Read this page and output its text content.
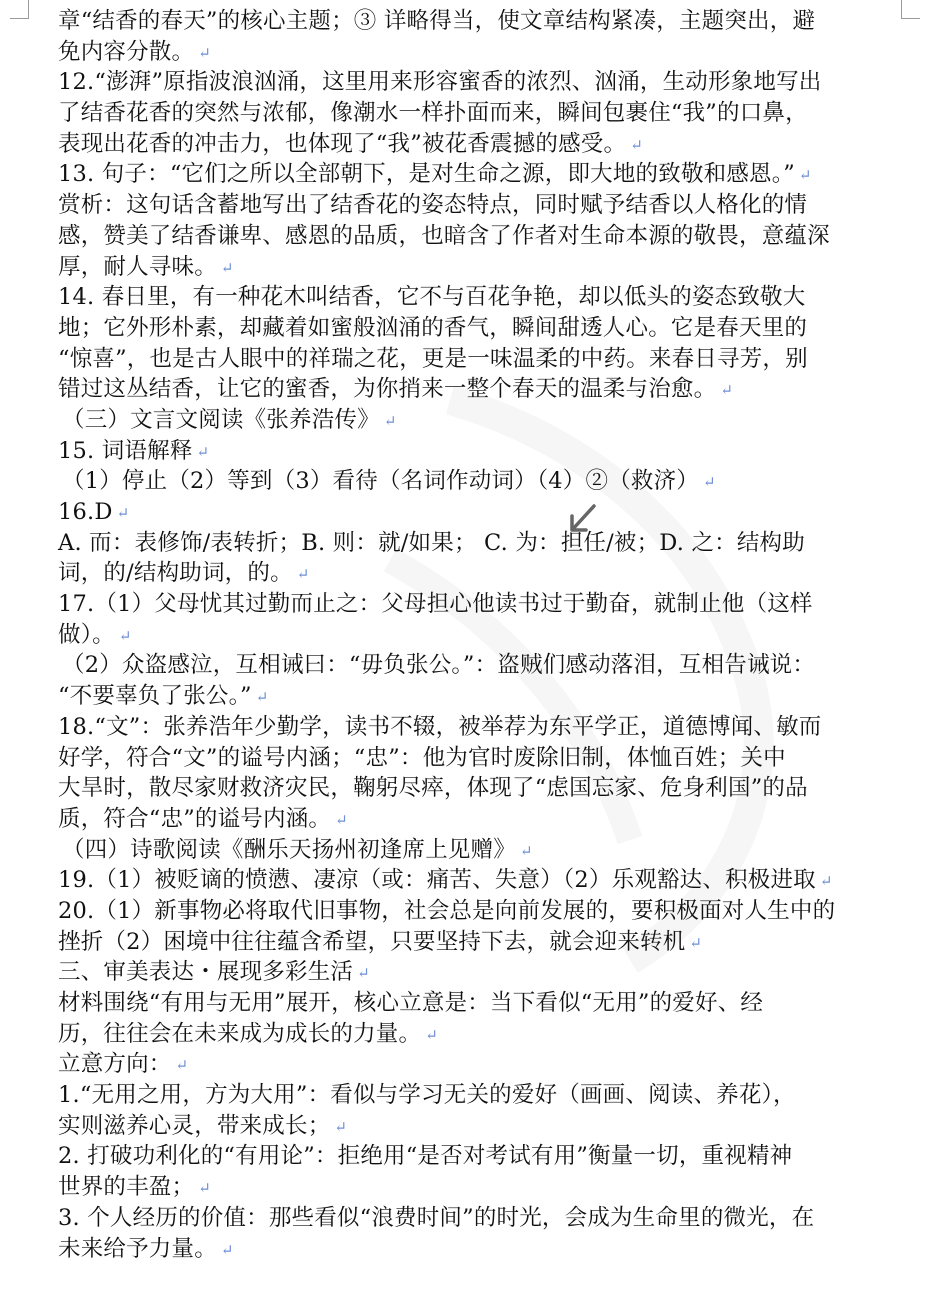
章“结香的春天”的核心主题；③ 详略得当，使文章结构紧凑，主题突出，避
免内容分散。 ↵
12.“澎湃”原指波浪汹涌，这里用来形容蜜香的浓烈、汹涌，生动形象地写出
了结香花香的突然与浓郁，像潮水一样扑面而来，瞬间包裹住“我”的口鼻，
表现出花香的冲击力，也体现了“我”被花香震撼的感受。 ↵
13. 句子：“它们之所以全部朝下，是对生命之源，即大地的致敬和感恩。” ↵
赏析：这句话含蓄地写出了结香花的姿态特点，同时赋予结香以人格化的情
感，赞美了结香谦卑、感恩的品质，也暗含了作者对生命本源的敬畏，意蕴深
厚，耐人寻味。 ↵
14. 春日里，有一种花木叫结香，它不与百花争艳，却以低头的姿态致敬大
地；它外形朴素，却藏着如蜜般汹涌的香气，瞬间甜透人心。它是春天里的
“惊喜”，也是古人眼中的祥瑞之花，更是一味温柔的中药。来春日寻芳，别
错过这丛结香，让它的蜜香，为你捎来一整个春天的温柔与治愈。 ↵
（三）文言文阅读《张养浩传》 ↵
15. 词语解释 ↵
（1）停止（2）等到（3）看待（名词作动词）（4）②（救济） ↵
16.D ↵
A. 而：表修饰/表转折；B. 则：就/如果； C. 为：担任/被；D. 之：结构助
词，的/结构助词，的。 ↵
17.（1）父母忧其过勤而止之：父母担心他读书过于勤奋，就制止他（这样
做）。 ↵
（2）众盗感泣，互相诫曰：“毋负张公。”：盗贼们感动落泪，互相告诫说：
“不要辜负了张公。” ↵
18.“文”：张养浩年少勤学，读书不辍，被举荐为东平学正，道德博闻、敏而
好学，符合“文”的谥号内涵；“忠”：他为官时废除旧制，体恤百姓；关中
大旱时，散尽家财救济灾民，鞠躬尽瘁，体现了“虑国忘家、危身利国”的品
质，符合“忠”的谥号内涵。 ↵
（四）诗歌阅读《酬乐天扬州初逢席上见赠》 ↵
19.（1）被贬谪的愤懑、凄凉（或：痛苦、失意）（2）乐观豁达、积极进取 ↵
20.（1）新事物必将取代旧事物，社会总是向前发展的，要积极面对人生中的
挫折（2）困境中往往蕴含希望，只要坚持下去，就会迎来转机 ↵
三、审美表达・展现多彩生活 ↵
材料围绕“有用与无用”展开，核心立意是：当下看似“无用”的爱好、经
历，往往会在未来成为成长的力量。 ↵
立意方向： ↵
1.“无用之用，方为大用”：看似与学习无关的爱好（画画、阅读、养花），
实则滋养心灵，带来成长； ↵
2. 打破功利化的“有用论”：拒绝用“是否对考试有用”衡量一切，重视精神
世界的丰盈； ↵
3. 个人经历的价值：那些看似“浪费时间”的时光，会成为生命里的微光，在
未来给予力量。 ↵
